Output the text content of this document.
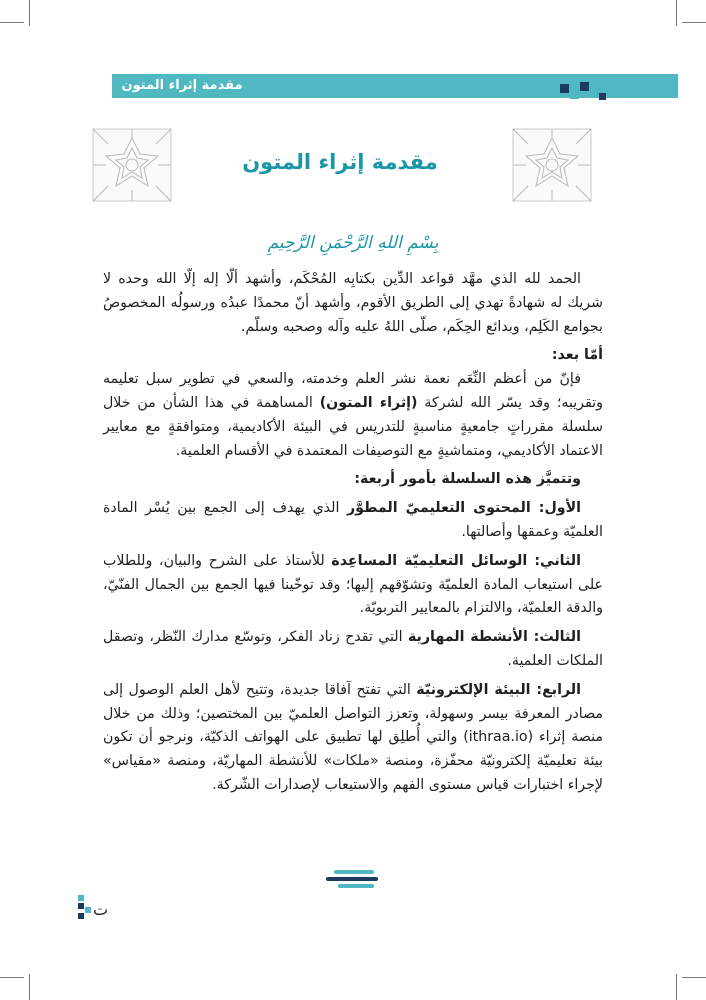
مقدمة إثراء المتون
مقدمة إثراء المتون
بِسْمِ اللهِ الرَّحْمَنِ الرَّحِيمِ

الحمد لله الذي مهَّد قواعد الدِّين بكتابِه المُحْكَم، وأشهد ألّا إله إلّا الله وحده لا شريك له شهادةً تهدي إلى الطريق الأقوم، وأشهد أنّ محمدًا عبدُه ورسولُه المخصوصُ بجوامع الكَلِم، وبدائع الحِكَم، صلّى اللهُ عليه وآله وصحبه وسلّم.

أمّا بعد:

فإنّ من أعظم النِّعَم نعمة نشر العلم وخدمته، والسعي في تطوير سبل تعليمه وتقريبه؛ وقد يسّر الله لشركة (إثراء المتون) المساهمة في هذا الشأن من خلال سلسلة مقرراتٍ جامعيةٍ مناسبةٍ للتدريس في البيئة الأكاديمية، ومتوافقةٍ مع معايير الاعتماد الأكاديمي، ومتماشيةٍ مع التوصيفات المعتمدة في الأقسام العلمية.

وتتميَّز هذه السلسلة بأمور أربعة:

الأول: المحتوى التعليميّ المطوَّر الذي يهدف إلى الجمع بين يُسْر المادة العلميّة وعمقها وأصالتها.

الثاني: الوسائل التعليميّة المساعِدة للأستاذ على الشرح والبيان، وللطلاب على استيعاب المادة العلميّة وتشوّقهم إليها؛ وقد توخّينا فيها الجمع بين الجمال الفنّيّ، والدقة العلميّة، والالتزام بالمعايير التربويّة.

الثالث: الأنشطة المهارية التي تقدح زناد الفكر، وتوسّع مدارك النّظر، وتصقل الملكات العلمية.

الرابع: البيئة الإلكترونيّة التي تفتح آفاقا جديدة، وتتيح لأهل العلم الوصول إلى مصادر المعرفة بيسر وسهولة، وتعزز التواصل العلميّ بين المختصين؛ وذلك من خلال منصة إثراء (ithraa.io) والتي أُطلِق لها تطبيق على الهواتف الذكيّة، ونرجو أن تكون بيئة تعليميّة إلكترونيّة محفّزة، ومنصة «ملكات» للأنشطة المهاريّة، ومنصة «مقياس» لإجراء اختبارات قياس مستوى الفهم والاستيعاب لإصدارات الشّركة.

ت
